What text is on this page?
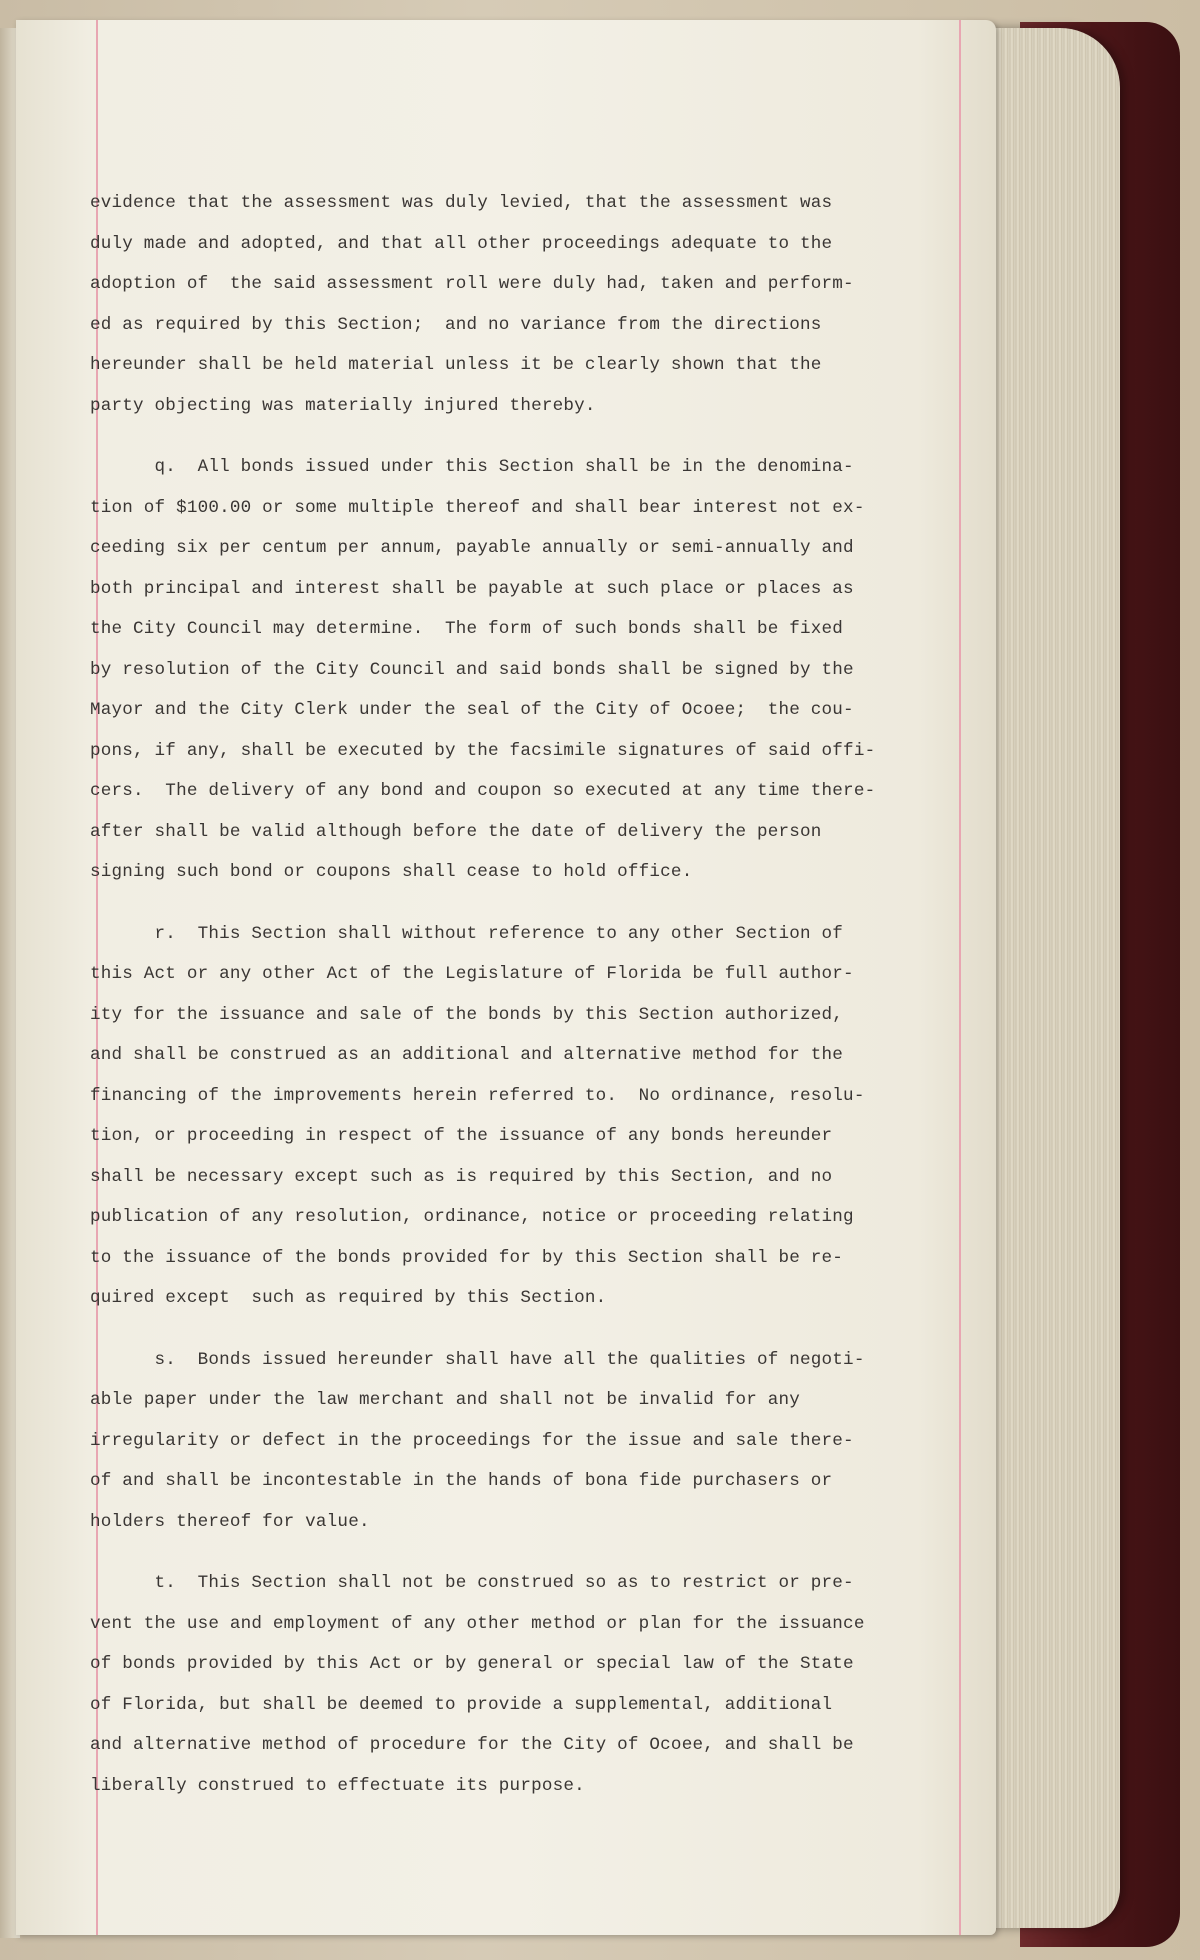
evidence that the assessment was duly levied, that the assessment was
duly made and adopted, and that all other proceedings adequate to the
adoption of  the said assessment roll were duly had, taken and perform-
ed as required by this Section;  and no variance from the directions
hereunder shall be held material unless it be clearly shown that the
party objecting was materially injured thereby.
q.  All bonds issued under this Section shall be in the denomina-
tion of $100.00 or some multiple thereof and shall bear interest not ex-
ceeding six per centum per annum, payable annually or semi-annually and
both principal and interest shall be payable at such place or places as
the City Council may determine.  The form of such bonds shall be fixed
by resolution of the City Council and said bonds shall be signed by the
Mayor and the City Clerk under the seal of the City of Ocoee;  the cou-
pons, if any, shall be executed by the facsimile signatures of said offi-
cers.  The delivery of any bond and coupon so executed at any time there-
after shall be valid although before the date of delivery the person
signing such bond or coupons shall cease to hold office.
r.  This Section shall without reference to any other Section of
this Act or any other Act of the Legislature of Florida be full author-
ity for the issuance and sale of the bonds by this Section authorized,
and shall be construed as an additional and alternative method for the
financing of the improvements herein referred to.  No ordinance, resolu-
tion, or proceeding in respect of the issuance of any bonds hereunder
shall be necessary except such as is required by this Section, and no
publication of any resolution, ordinance, notice or proceeding relating
to the issuance of the bonds provided for by this Section shall be re-
quired except  such as required by this Section.
s.  Bonds issued hereunder shall have all the qualities of negoti-
able paper under the law merchant and shall not be invalid for any
irregularity or defect in the proceedings for the issue and sale there-
of and shall be incontestable in the hands of bona fide purchasers or
holders thereof for value.
t.  This Section shall not be construed so as to restrict or pre-
vent the use and employment of any other method or plan for the issuance
of bonds provided by this Act or by general or special law of the State
of Florida, but shall be deemed to provide a supplemental, additional
and alternative method of procedure for the City of Ocoee, and shall be
liberally construed to effectuate its purpose.
